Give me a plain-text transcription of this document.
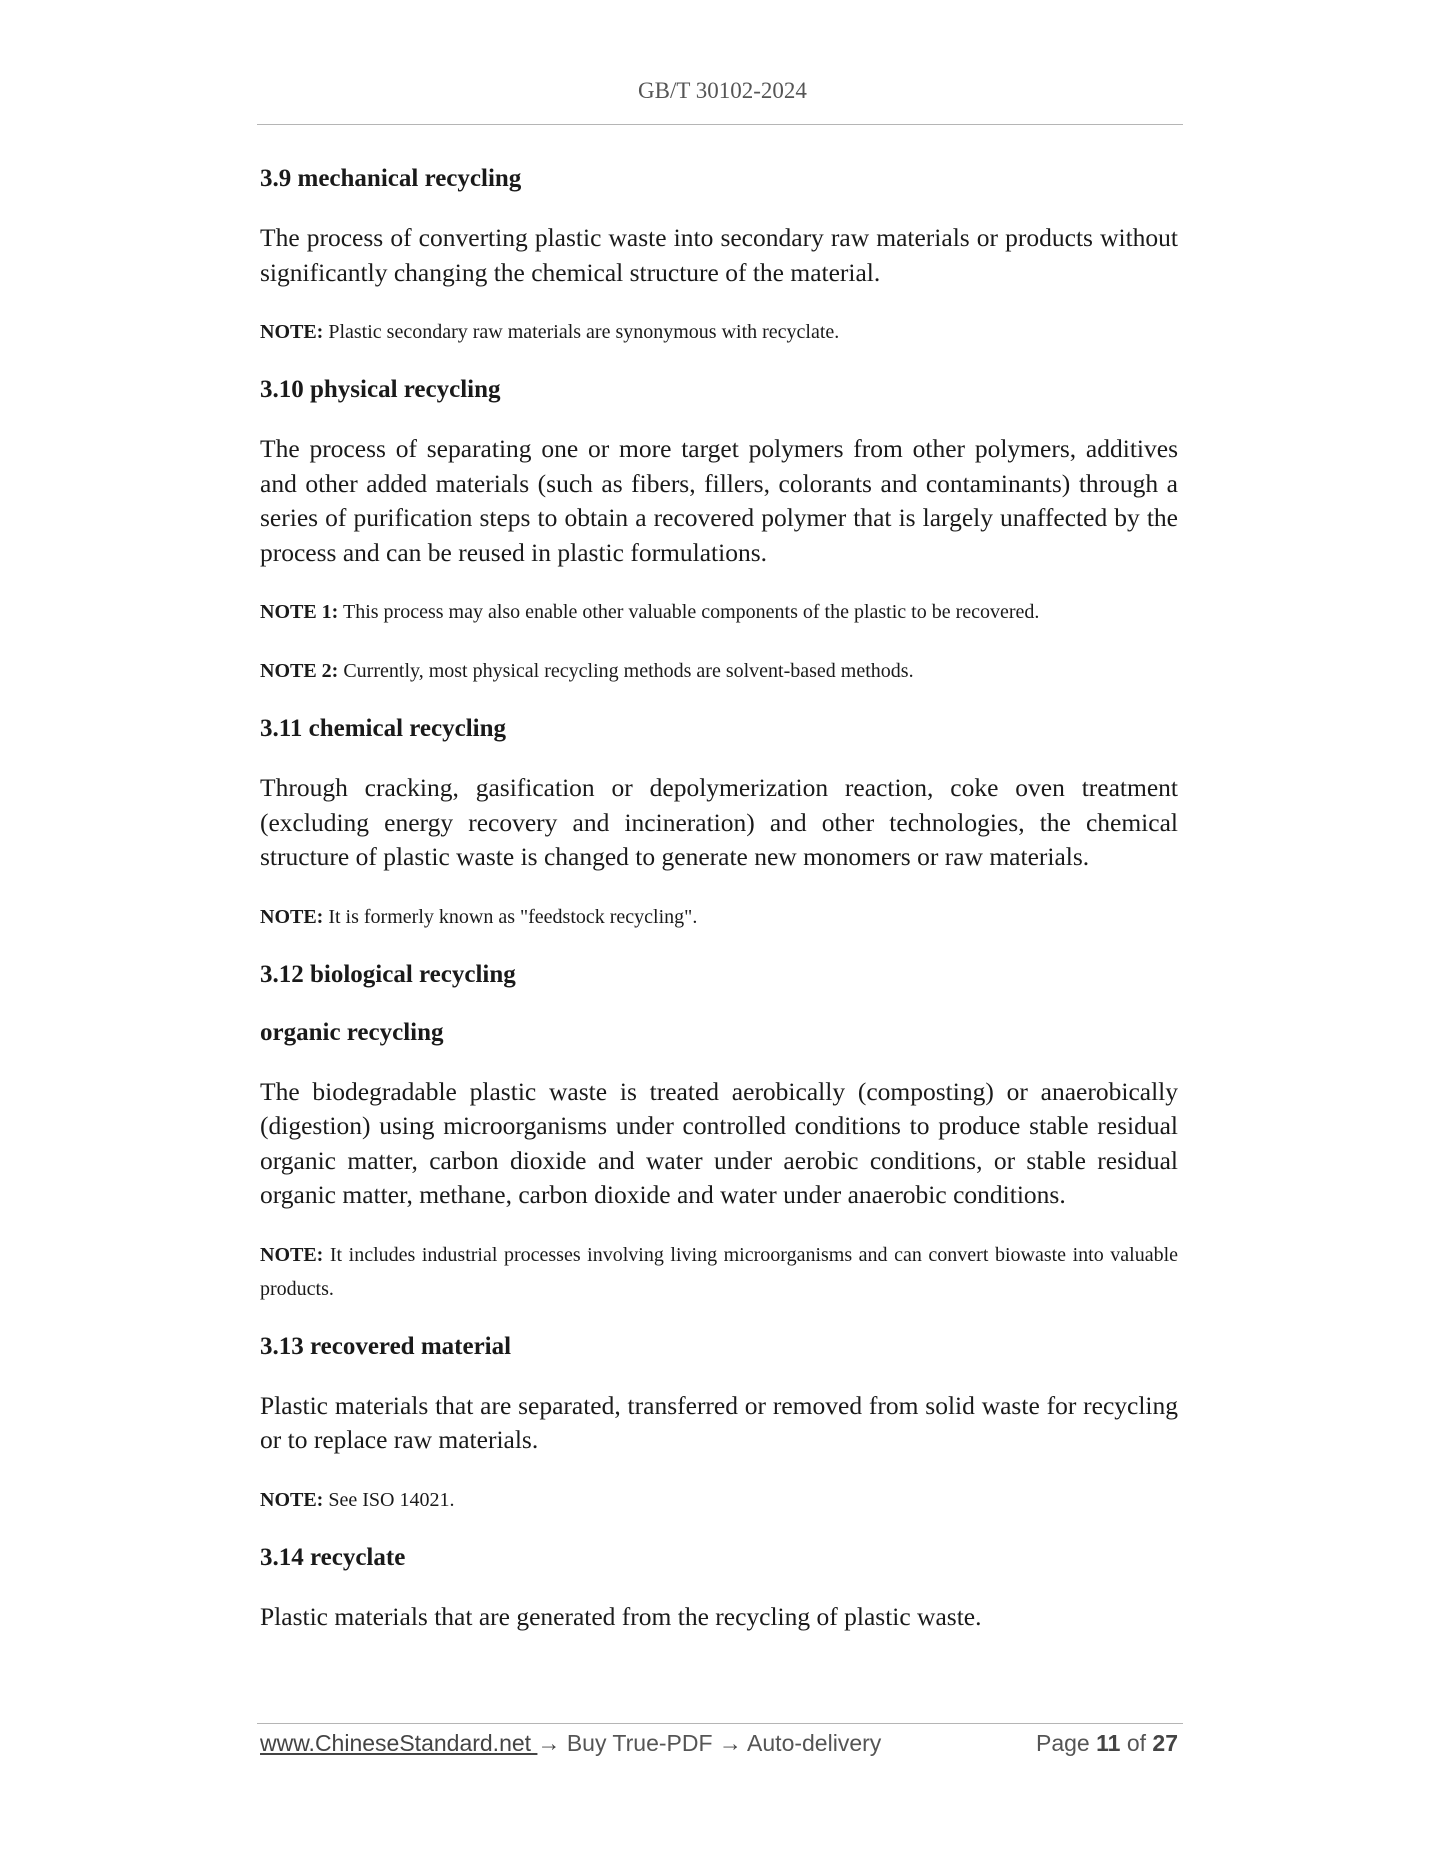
GB/T 30102-2024
3.9 mechanical recycling
The process of converting plastic waste into secondary raw materials or products without significantly changing the chemical structure of the material.
NOTE: Plastic secondary raw materials are synonymous with recyclate.
3.10 physical recycling
The process of separating one or more target polymers from other polymers, additives and other added materials (such as fibers, fillers, colorants and contaminants) through a series of purification steps to obtain a recovered polymer that is largely unaffected by the process and can be reused in plastic formulations.
NOTE 1: This process may also enable other valuable components of the plastic to be recovered.
NOTE 2: Currently, most physical recycling methods are solvent-based methods.
3.11 chemical recycling
Through cracking, gasification or depolymerization reaction, coke oven treatment (excluding energy recovery and incineration) and other technologies, the chemical structure of plastic waste is changed to generate new monomers or raw materials.
NOTE: It is formerly known as "feedstock recycling".
3.12 biological recycling
organic recycling
The biodegradable plastic waste is treated aerobically (composting) or anaerobically (digestion) using microorganisms under controlled conditions to produce stable residual organic matter, carbon dioxide and water under aerobic conditions, or stable residual organic matter, methane, carbon dioxide and water under anaerobic conditions.
NOTE: It includes industrial processes involving living microorganisms and can convert biowaste into valuable products.
3.13 recovered material
Plastic materials that are separated, transferred or removed from solid waste for recycling or to replace raw materials.
NOTE: See ISO 14021.
3.14 recyclate
Plastic materials that are generated from the recycling of plastic waste.
www.ChineseStandard.net → Buy True-PDF → Auto-delivery	Page 11 of 27
